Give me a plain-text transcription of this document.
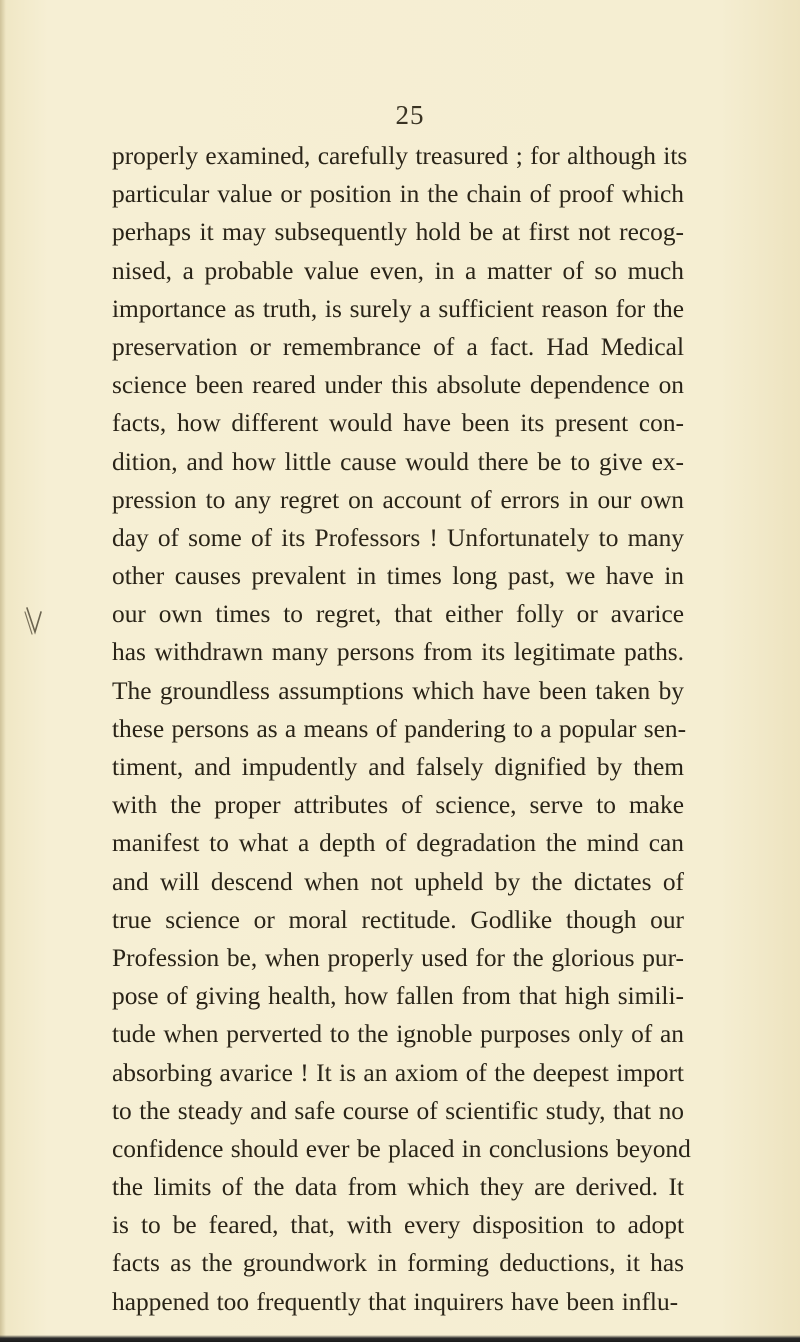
25
properly examined, carefully treasured ; for although its
particular value or position in the chain of proof which
perhaps it may subsequently hold be at first not recog-
nised, a probable value even, in a matter of so much
importance as truth, is surely a sufficient reason for the
preservation or remembrance of a fact. Had Medical
science been reared under this absolute dependence on
facts, how different would have been its present con-
dition, and how little cause would there be to give ex-
pression to any regret on account of errors in our own
day of some of its Professors ! Unfortunately to many
other causes prevalent in times long past, we have in
our own times to regret, that either folly or avarice
has withdrawn many persons from its legitimate paths.
The groundless assumptions which have been taken by
these persons as a means of pandering to a popular sen-
timent, and impudently and falsely dignified by them
with the proper attributes of science, serve to make
manifest to what a depth of degradation the mind can
and will descend when not upheld by the dictates of
true science or moral rectitude. Godlike though our
Profession be, when properly used for the glorious pur-
pose of giving health, how fallen from that high simili-
tude when perverted to the ignoble purposes only of an
absorbing avarice ! It is an axiom of the deepest import
to the steady and safe course of scientific study, that no
confidence should ever be placed in conclusions beyond
the limits of the data from which they are derived. It
is to be feared, that, with every disposition to adopt
facts as the groundwork in forming deductions, it has
happened too frequently that inquirers have been influ-
